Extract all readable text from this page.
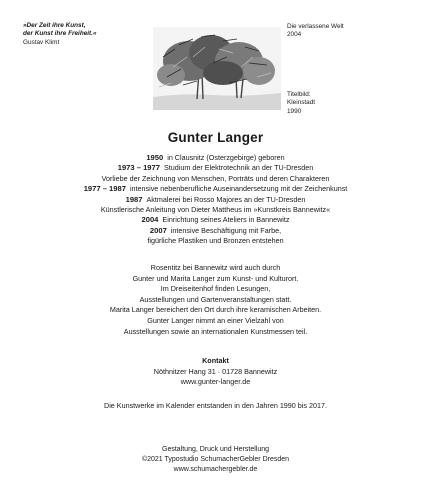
»Der Zeit ihre Kunst,
der Kunst ihre Freiheit.«
Gustav Klimt
Die verlassene Welt
2004
Titelbild:
Kleinstadt
1990
Gunter Langer
1950 in Clausnitz (Osterzgebirge) geboren
1973 – 1977 Studium der Elektrotechnik an der TU-Dresden
Vorliebe der Zeichnung von Menschen, Porträts und deren Charakteren
1977 – 1987 intensive nebenberufliche Auseinandersetzung mit der Zeichenkunst
1987 Aktmalerei bei Rosso Majores an der TU-Dresden
Künstlerische Anleitung von Dieter Mattheus im »Kunstkreis Bannewitz«
2004 Einrichtung seines Ateliers in Bannewitz
2007 intensive Beschäftigung mit Farbe,
figürliche Plastiken und Bronzen entstehen
Rosentitz bei Bannewitz wird auch durch
Gunter und Marita Langer zum Kunst- und Kulturort.
Im Dreiseitenhof finden Lesungen,
Ausstellungen und Gartenveranstaltungen statt.
Marita Langer bereichert den Ort durch ihre keramischen Arbeiten.
Gunter Langer nimmt an einer Vielzahl von
Ausstellungen sowie an internationalen Kunstmessen teil.
Kontakt
Nöthnitzer Hang 31 · 01728 Bannewitz
www.gunter-langer.de
Die Kunstwerke im Kalender entstanden in den Jahren 1990 bis 2017.
Gestaltung, Druck und Herstellung
©2021 Typostudio SchumacherGebler Dresden
www.schumachergebler.de
